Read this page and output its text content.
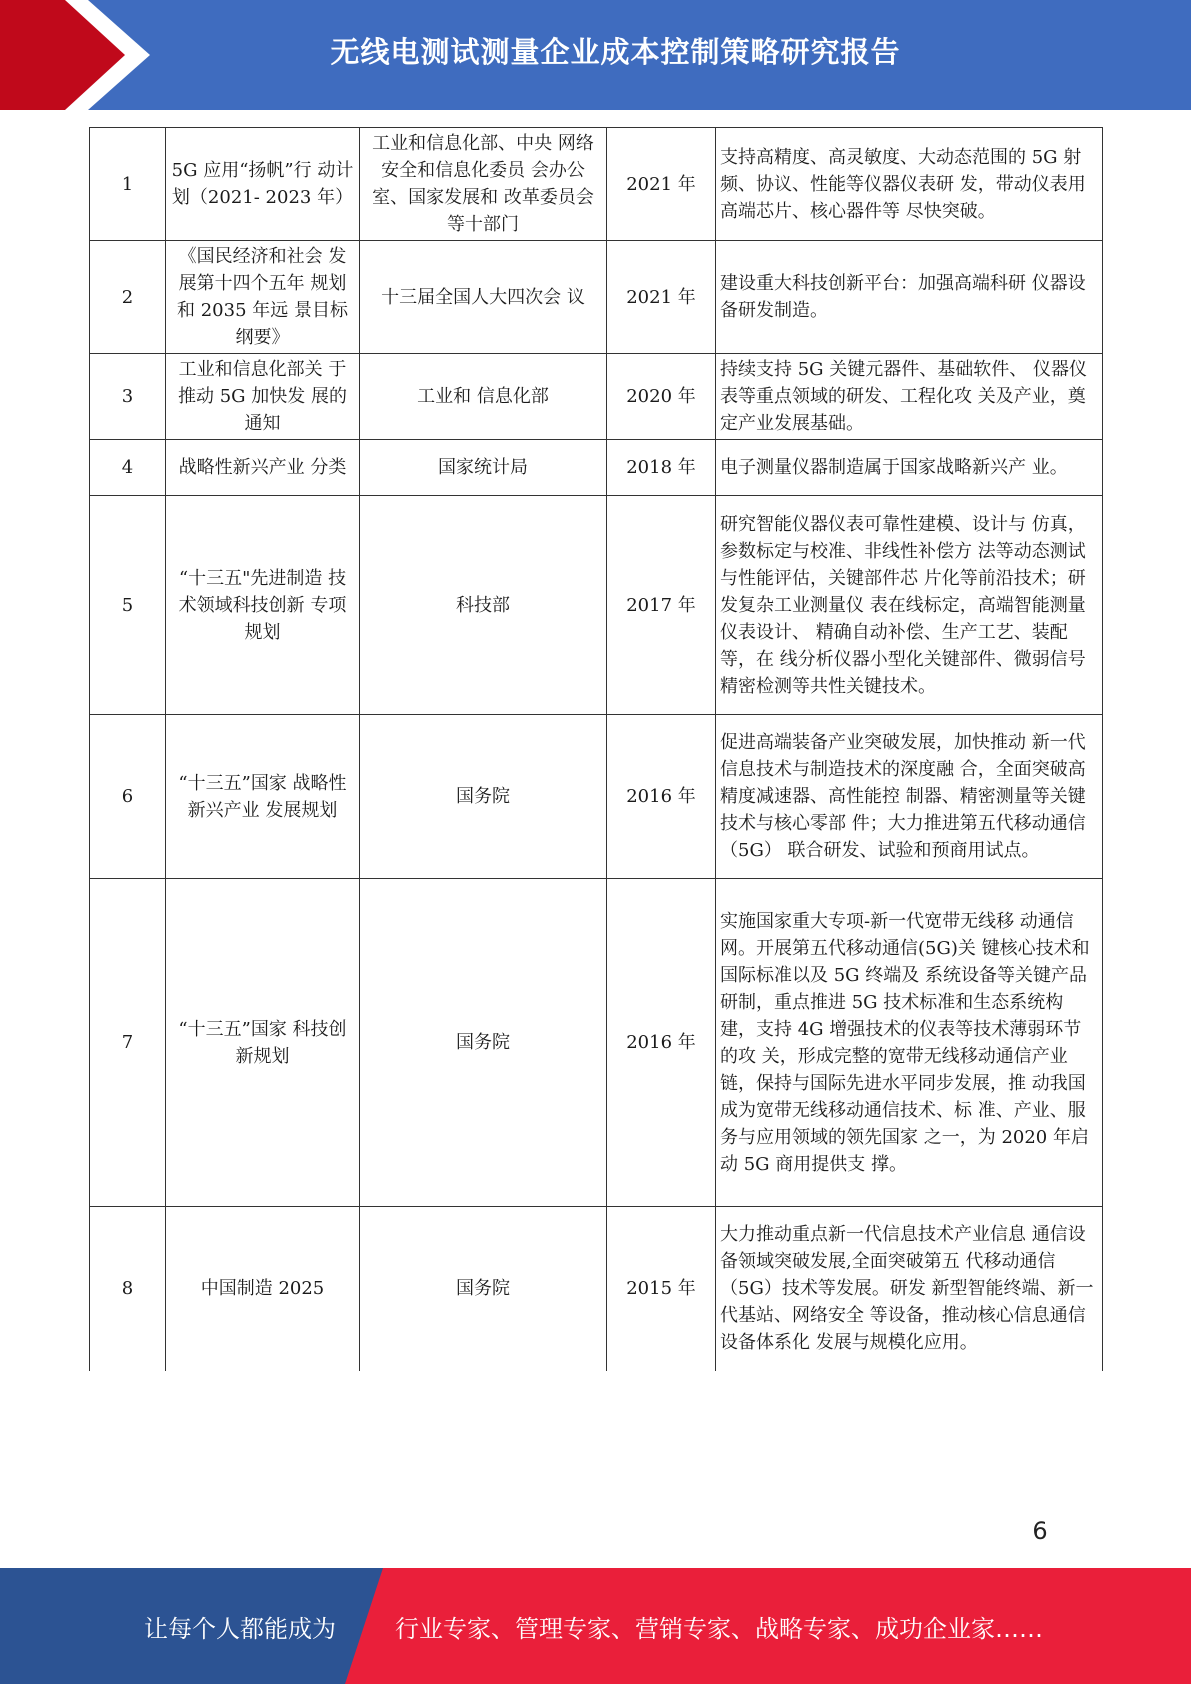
无线电测试测量企业成本控制策略研究报告
1	5G 应用“扬帆”行 动计划（2021- 2023 年）	工业和信息化部、中央 网络安全和信息化委员 会办公室、国家发展和 改革委员会等十部门	2021 年	支持高精度、高灵敏度、大动态范围的 5G 射频、协议、性能等仪器仪表研 发，带动仪表用高端芯片、核心器件等 尽快突破。
2	《国民经济和社会 发展第十四个五年 规划和 2035 年远 景目标纲要》	十三届全国人大四次会 议	2021 年	建设重大科技创新平台：加强高端科研 仪器设备研发制造。
3	工业和信息化部关 于推动 5G 加快发 展的通知	工业和 信息化部	2020 年	持续支持 5G 关键元器件、基础软件、 仪器仪表等重点领域的研发、工程化攻 关及产业，奠定产业发展基础。
4	战略性新兴产业 分类	国家统计局	2018 年	电子测量仪器制造属于国家战略新兴产 业。
5	“十三五"先进制造 技术领域科技创新 专项规划	科技部	2017 年	研究智能仪器仪表可靠性建模、设计与 仿真，参数标定与校准、非线性补偿方 法等动态测试与性能评估，关键部件芯 片化等前沿技术；研发复杂工业测量仪 表在线标定，高端智能测量仪表设计、 精确自动补偿、生产工艺、装配等，在 线分析仪器小型化关键部件、微弱信号 精密检测等共性关键技术。
6	“十三五”国家 战略性新兴产业 发展规划	国务院	2016 年	促进高端装备产业突破发展，加快推动 新一代信息技术与制造技术的深度融 合，全面突破高精度减速器、高性能控 制器、精密测量等关键技术与核心零部 件；大力推进第五代移动通信（5G） 联合研发、试验和预商用试点。
7	“十三五”国家 科技创新规划	国务院	2016 年	实施国家重大专项-新一代宽带无线移 动通信网。开展第五代移动通信(5G)关 键核心技术和国际标准以及 5G 终端及 系统设备等关键产品研制，重点推进 5G 技术标准和生态系统构建，支持 4G 增强技术的仪表等技术薄弱环节的攻 关，形成完整的宽带无线移动通信产业 链，保持与国际先进水平同步发展，推 动我国成为宽带无线移动通信技术、标 准、产业、服务与应用领域的领先国家 之一，为 2020 年启动 5G 商用提供支 撑。
8	中国制造 2025	国务院	2015 年	大力推动重点新一代信息技术产业信息 通信设备领域突破发展,全面突破第五 代移动通信（5G）技术等发展。研发 新型智能终端、新一代基站、网络安全 等设备，推动核心信息通信设备体系化 发展与规模化应用。
6
让每个人都能成为	行业专家、管理专家、营销专家、战略专家、成功企业家……
